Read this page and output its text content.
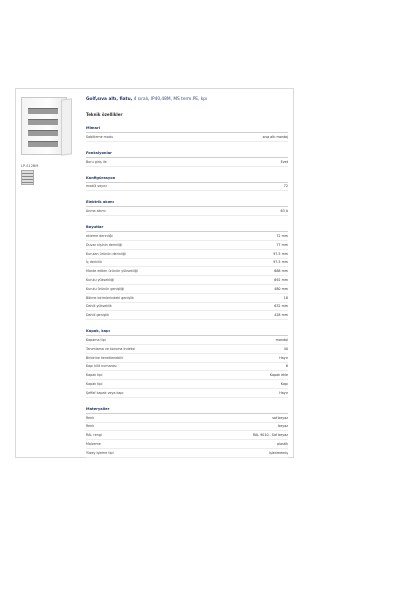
LP-S12BM
Golf,sıva altı, fiatu, 4 sıralı, IP40,48M, MS term.PE, kpı
Teknik özellikler
Mimari
Sabitleme modu	sıva altı montaj
Fonksiyonlar
Boru giriş ile	Evet
Konfigürasyon
modül sayısı	72
Elektrik akımı
Anma akımı	63 A
Boyutlar
ekleme derinliği	72 mm
Duvar nişinin derinliği	77 mm
Kurulan ürünün derinliği	97.5 mm
İç derinlik	97.5 mm
Monte edilen ürünün yüksekliği	688 mm
Kurulu yüksekliği	692 mm
Kurulu ürünün genişliği	480 mm
Bölme birimlerindeki genişlik	18
Dahili yükseklik	632 mm
Dahili genişlik	428 mm
Kapak, kapı
Kapama tipi	mandal
Tanımlama ve koruma indeksi	40
Birbirine kenetlenebilir	Hayır
Kapı kilit numarası	6
Kapak tipi	Kapak ekle
Kapak tipi	Kapı
Şeffaf kapak veya kapı	Hayır
Materyaller
Renk	saf beyaz
Renk	beyaz
RAL rengi	RAL 9010 - Saf beyaz
Malzeme	plastik
Yüzey işleme tipi	işlenmemiş
